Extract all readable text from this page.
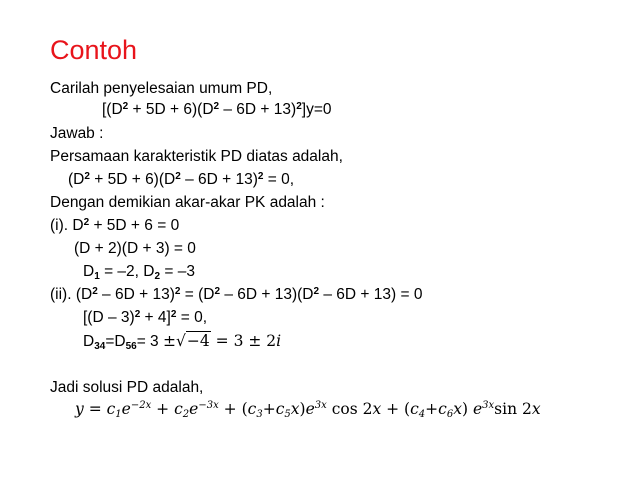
Contoh
Carilah penyelesaian umum PD,
$[(D^2 + 5D + 6)(D^2 - 6D + 13)^2]y=0$
Jawab :
Persamaan karakteristik PD diatas adalah,
$(D^2 + 5D + 6)(D^2 - 6D + 13)^2 = 0$,
Dengan demikian akar-akar PK adalah :
(i). $D^2 + 5D + 6 = 0$
(D + 2)(D + 3) = 0
$D_1 = -2$, $D_2 = -3$
(ii). $(D^2 - 6D + 13)^2 = (D^2 - 6D + 13)(D^2 - 6D + 13) = 0$
$[(D - 3)^2 + 4]^2 = 0$,
$D_{34}=D_{56}= 3 \pm√-4 = 3 \pm 2i$
Jadi solusi PD adalah,
$y = c1e^{-2x} + c2e^{-3x} + (c3+c5x)e^{3x}$ cos 2x + (c4+c6x) $e^{3x}\sin$ 2x
